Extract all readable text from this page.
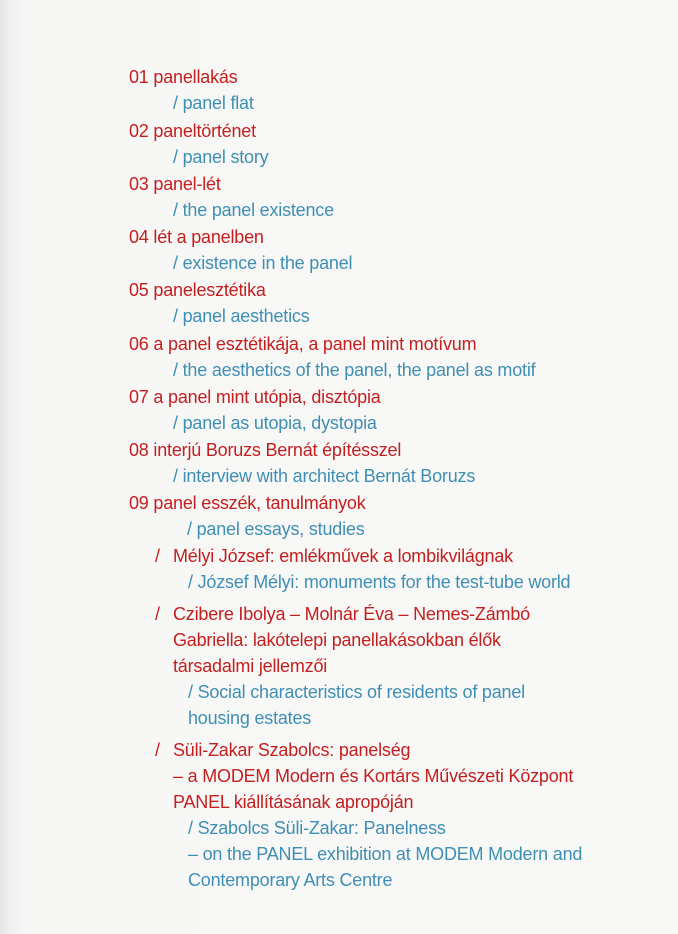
01 panellakás
/ panel flat
02 paneltörténet
/ panel story
03 panel-lét
/ the panel existence
04 lét a panelben
/ existence in the panel
05 panelesztétika
/ panel aesthetics
06 a panel esztétikája, a panel mint motívum
/ the aesthetics of the panel, the panel as motif
07 a panel mint utópia, disztópia
/ panel as utopia, dystopia
08 interjú Boruzs Bernát építésszel
/ interview with architect Bernát Boruzs
09 panel esszék, tanulmányok
/ panel essays, studies
/ Mélyi József: emlékművek a lombikvilágnak
/ József Mélyi: monuments for the test-tube world
/ Czibere Ibolya – Molnár Éva – Nemes-Zámbó
Gabriella: lakótelepi panellakásokban élők
társadalmi jellemzői
/ Social characteristics of residents of panel
housing estates
/ Süli-Zakar Szabolcs: panelség
– a MODEM Modern és Kortárs Művészeti Központ
PANEL kiállításának apropóján
/ Szabolcs Süli-Zakar: Panelness
– on the PANEL exhibition at MODEM Modern and
Contemporary Arts Centre
